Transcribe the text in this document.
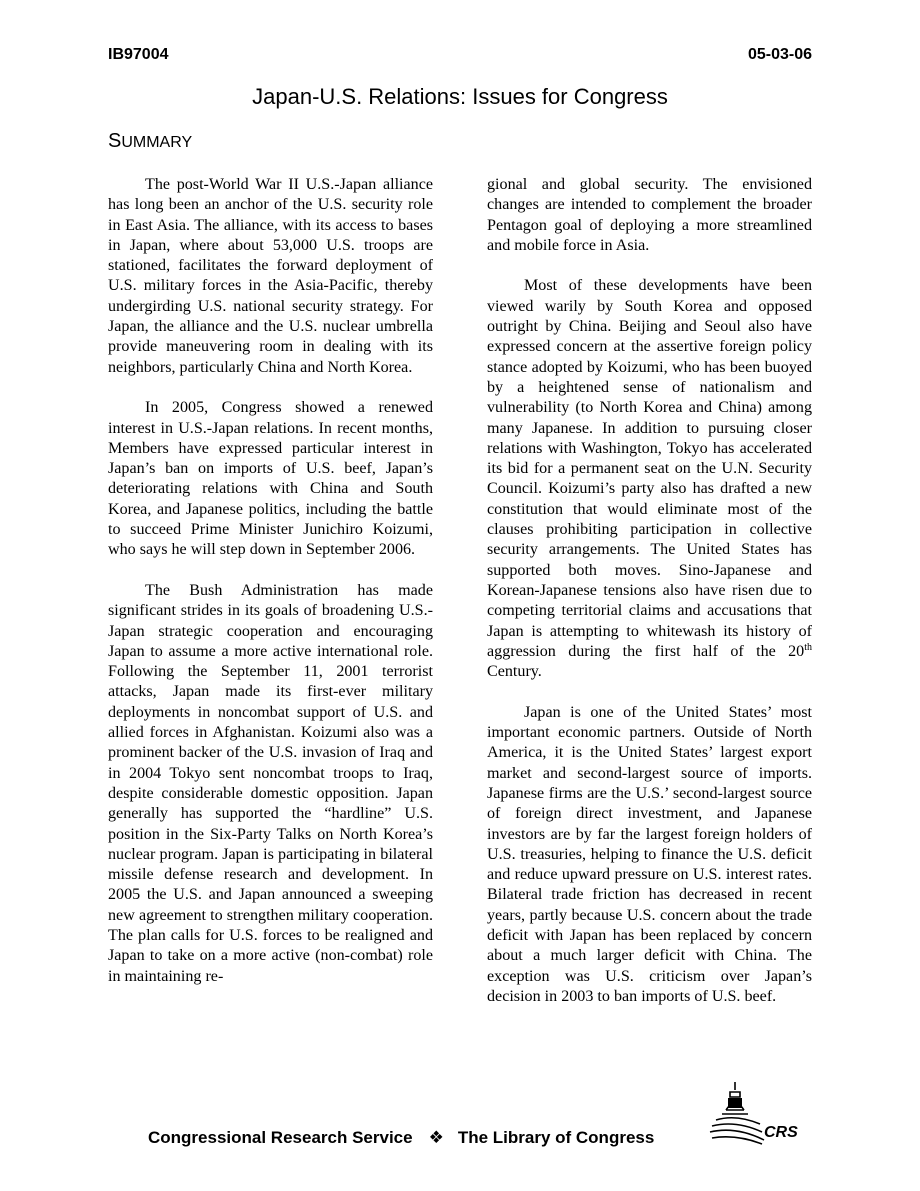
IB97004	05-03-06
Japan-U.S. Relations: Issues for Congress
SUMMARY

The post-World War II U.S.-Japan alliance has long been an anchor of the U.S. security role in East Asia. The alliance, with its access to bases in Japan, where about 53,000 U.S. troops are stationed, facilitates the forward deployment of U.S. military forces in the Asia-Pacific, thereby undergirding U.S. national security strategy. For Japan, the alliance and the U.S. nuclear umbrella provide maneuvering room in dealing with its neighbors, particularly China and North Korea.

In 2005, Congress showed a renewed interest in U.S.-Japan relations. In recent months, Members have expressed particular interest in Japan’s ban on imports of U.S. beef, Japan’s deteriorating relations with China and South Korea, and Japanese politics, including the battle to succeed Prime Minister Junichiro Koizumi, who says he will step down in September 2006.

The Bush Administration has made significant strides in its goals of broadening U.S.-Japan strategic cooperation and encouraging Japan to assume a more active international role. Following the September 11, 2001 terrorist attacks, Japan made its first-ever military deployments in noncombat support of U.S. and allied forces in Afghanistan. Koizumi also was a prominent backer of the U.S. invasion of Iraq and in 2004 Tokyo sent noncombat troops to Iraq, despite considerable domestic opposition. Japan generally has supported the “hardline” U.S. position in the Six-Party Talks on North Korea’s nuclear program. Japan is participating in bilateral missile defense research and development. In 2005 the U.S. and Japan announced a sweeping new agreement to strengthen military cooperation. The plan calls for U.S. forces to be realigned and Japan to take on a more active (non-combat) role in maintaining re-

gional and global security. The envisioned changes are intended to complement the broader Pentagon goal of deploying a more streamlined and mobile force in Asia.

Most of these developments have been viewed warily by South Korea and opposed outright by China. Beijing and Seoul also have expressed concern at the assertive foreign policy stance adopted by Koizumi, who has been buoyed by a heightened sense of nationalism and vulnerability (to North Korea and China) among many Japanese. In addition to pursuing closer relations with Washington, Tokyo has accelerated its bid for a permanent seat on the U.N. Security Council. Koizumi’s party also has drafted a new constitution that would eliminate most of the clauses prohibiting participation in collective security arrangements. The United States has supported both moves. Sino-Japanese and Korean-Japanese tensions also have risen due to competing territorial claims and accusations that Japan is attempting to whitewash its history of aggression during the first half of the 20th Century.

Japan is one of the United States’ most important economic partners. Outside of North America, it is the United States’ largest export market and second-largest source of imports. Japanese firms are the U.S.’ second-largest source of foreign direct investment, and Japanese investors are by far the largest foreign holders of U.S. treasuries, helping to finance the U.S. deficit and reduce upward pressure on U.S. interest rates. Bilateral trade friction has decreased in recent years, partly because U.S. concern about the trade deficit with Japan has been replaced by concern about a much larger deficit with China. The exception was U.S. criticism over Japan’s decision in 2003 to ban imports of U.S. beef.

Congressional Research Service ❖ The Library of Congress	CRS
